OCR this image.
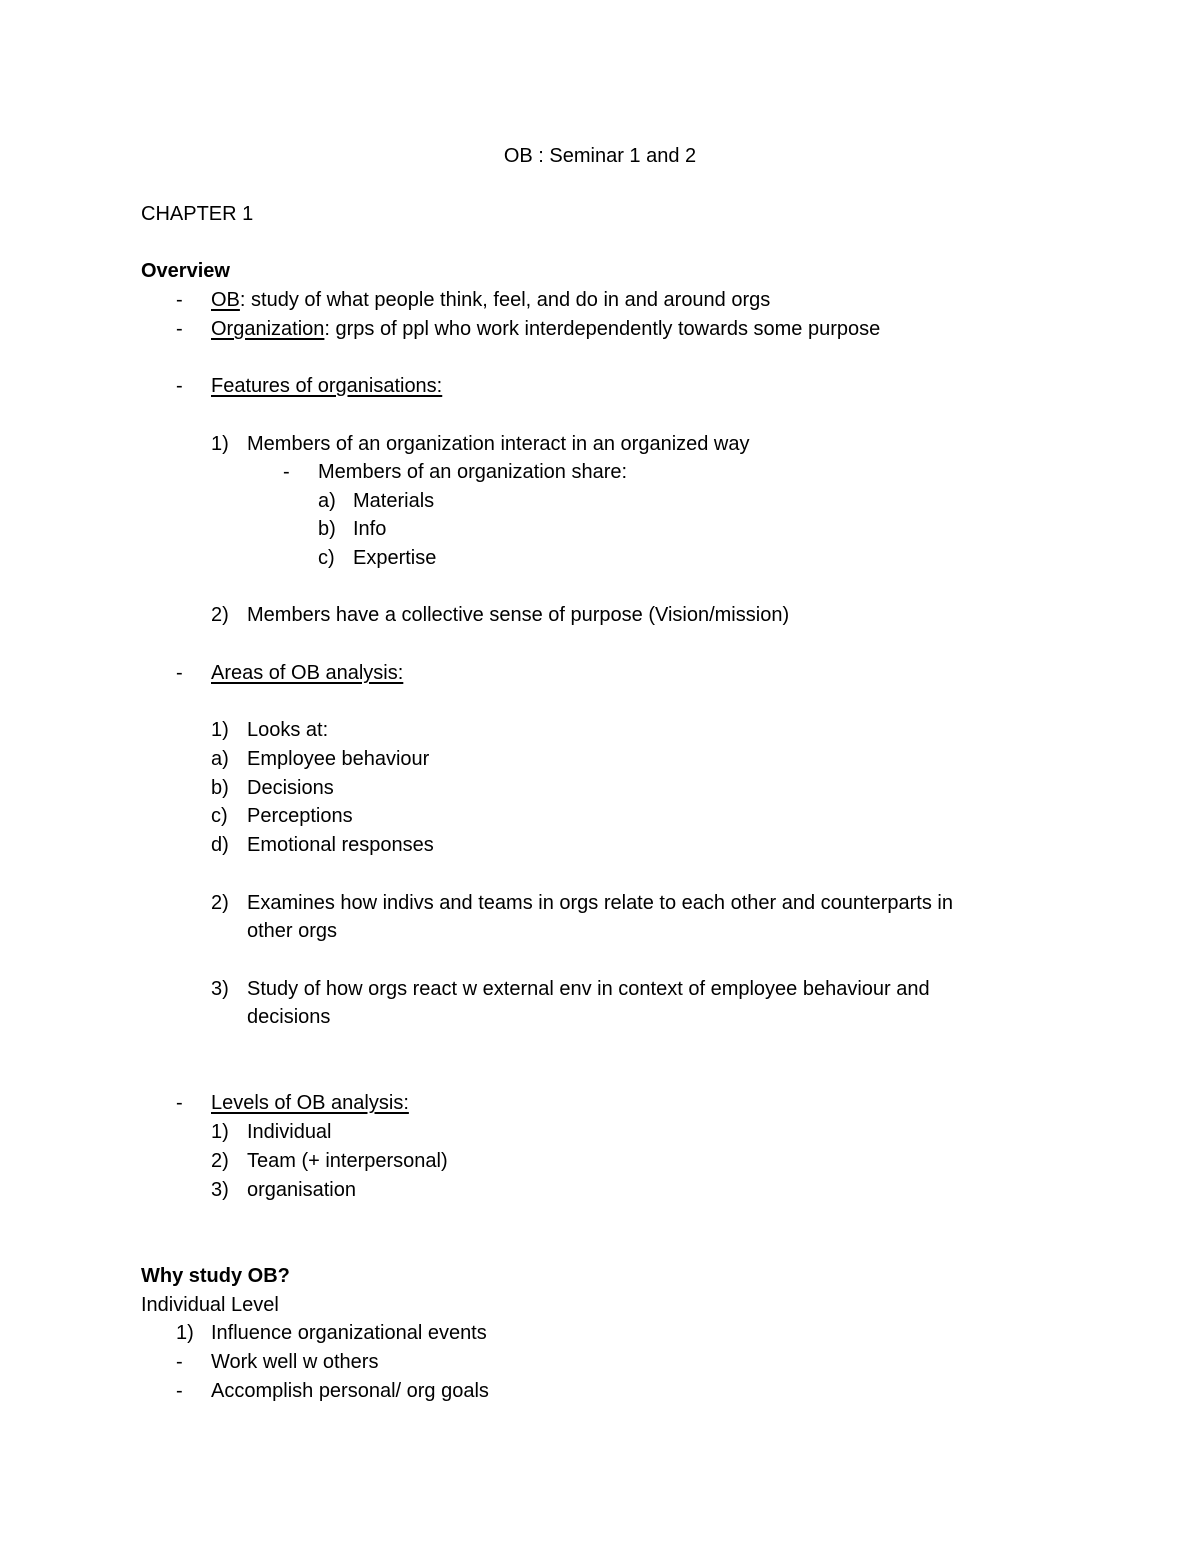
OB : Seminar 1 and 2
CHAPTER 1
Overview
- OB: study of what people think, feel, and do in and around orgs
- Organization: grps of ppl who work interdependently towards some purpose
- Features of organisations:
1) Members of an organization interact in an organized way
- Members of an organization share:
a) Materials
b) Info
c) Expertise
2) Members have a collective sense of purpose (Vision/mission)
- Areas of OB analysis:
1) Looks at:
a) Employee behaviour
b) Decisions
c) Perceptions
d) Emotional responses
2) Examines how indivs and teams in orgs relate to each other and counterparts in
other orgs
3) Study of how orgs react w external env in context of employee behaviour and
decisions
- Levels of OB analysis:
1) Individual
2) Team (+ interpersonal)
3) organisation
Why study OB?
Individual Level
1) Influence organizational events
- Work well w others
- Accomplish personal/ org goals
